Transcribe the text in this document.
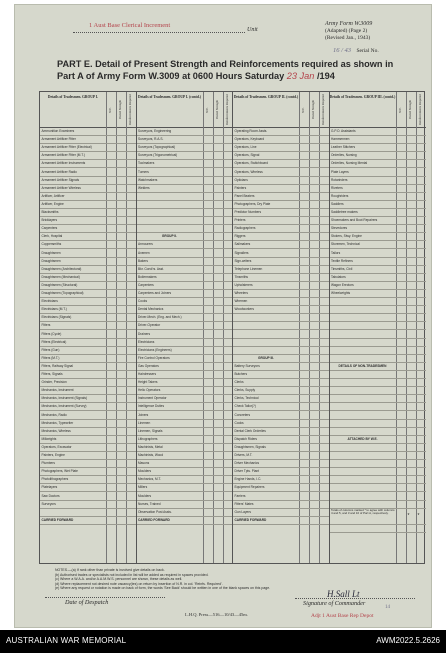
1 Aust Base Clerical Increment
Unit
Army Form W.3009
(Adapted) (Page 2)
(Revised Jan., 1943)
16 / 43 Serial No.
PART E. Detail of Present Strength and Reinforcements required as shown in
Part A of Army Form W.3009 at 0600 Hours Saturday 23 Jan /194
Details of Tradesmen. GROUP I.
W.E.	Posted Strength	Reinforcements Required
Ammunition Examiners
Armament Artificer Fitter
Armament Artificer Fitter (Electrical)
Armament Artificer Fitter (M.T.)
Armament Artificer Instruments
Armament Artificer Radio
Armament Artificer Signals
Armament Artificer Wireless
Artificer, Artificer
Artificer, Engine
Blacksmiths
Bricklayers
Carpenters
Clerk, Hospital
Coppersmiths
Draughtsmen
Draughtsmen
Draughtsmen (Architectural)
Draughtsmen (Mechanical)
Draughtsmen (Structural)
Draughtsmen (Topographical)
Electricians
Electricians (M.T.)
Electricians (Signals)
Fitters
Fitters (Cycle)
Fitters (Electrical)
Fitters (Gun)
Fitters (M.T.)
Fitters, Railway Signal
Fitters, Signals
Grinder, Precision
Mechanics, Instrument
Mechanics, Instrument (Signals)
Mechanics, Instrument (Survey)
Mechanics, Radio
Mechanics, Typewriter
Mechanics, Wireless
Millwrights
Operators, Excavator
Painters, Engine
Plumbers
Photographers, Wet Plate
Photolithographers
Platelayers
Saw Doctors
Surveyors
CARRIED FORWARD
Details of Tradesmen. GROUP I. (contd.)
W.E.	Posted Strength	Reinforcements Required
Surveyors, Engineering
Surveyors, R.A.S.
Surveyors (Topographical)
Surveyors (Trigonometrical)
Toolmakers
Turners
Watchmakers
Welders
GROUP II.
Armourers
Axemen
Bakers
Bkr. Cond'rs. Asst.
Boilermakers
Carpenters
Carpenters and Joiners
Cooks
Dental Mechanics
Driver-Mech. (Eng. and Mech.)
Driver-Operator
Drainers
Electricians
Electricians (Engineers)
Fire Control Operators
Gas Operators
Hairdressers
Height Takers
Helio Operators
Instrument Operator
Intelligence Duties
Joiners
Linemen
Linemen, Signals
Lithographers
Machinists, Metal
Machinists, Wood
Masons
Moulders
Mechanics, M.T.
Millers
Moulders
Nurses, Trained
Observation Post Assts.
CARRIED FORWARD
Details of Tradesmen. GROUP II. (contd.)
W.E.	Posted Strength	Reinforcements Required
Operating Room Assts.
Operators, Keyboard
Operators, Line
Operators, Signal
Operators, Switchboard
Operators, Wireless
Opticians
Painters
Panel Beaters
Photographers, Dry Plate
Predictor Numbers
Printers
Radiographers
Riggers
Sailmakers
Signallers
Sign-writers
Telephone Linemen
Tinsmiths
Upholsterers
Wheelers
Wiremen
Woodworkers
GROUP III.
Battery Surveyors
Butchers
Clerks
Clerks, Supply
Clerks, Technical
Check Tailor(?)
Concreters
Cooks
Dental Clerk Orderlies
Dispatch Riders
Draughtsmen, Signals
Drivers, M.T.
Driver Mechanics
Driver Tpts. Plant
Engine Hands, I.C.
Equipment Repairers
Farriers
Fitters' Mates
Gun Layers
CARRIED FORWARD
Details of Tradesmen. GROUP III. (contd.)
W.E.	Posted Strength	Reinforcements Required
G.P.O. Assistants
Hammermen
Leather Stitchers
Orderlies, Nursing
Orderlies, Nursing Mental
Plate Layers
Rotarinders
Riveters
Roughriders
Saddlers
Saddletree makers
Shoemakers and Boot Repairers
Stevedores
Stokers, Stwy. Engine
Storemen, Technical
Tailors
Textile Refiners
Tinsmiths, Civil
Tabulators
Wagon Erectors
Wheelwrights
DETAILS OF NON-TRADESMEN
ATTACHED BY W.E.
Totals of columns marked * to agree with columns 4 and 5, and 3 and 10 of Part A, respectively.	* *
NOTES.—(a) If rank other than private is involved give details on back.
(b) Authorised trades or specialists not included in list will be added as required in spaces provided.
(c) Where a W.A.A. and/or A.A.M.W.S. personnel are shown, these details as well.
(d) Where replacement not desired note vacancy(ies) on return by insertion of N.R. in col. 'Reinfs. Required'.
(e) Where any request or notation is made on back of form, the words 'See Back' should be written in one of the blank spaces on this page.
Date of Despatch
L.H.Q. Press—516—10/43—45m.
H.Sall Lt
Signature of Commander
14
Adjt 1 Aust Base Rep Depot
AUSTRALIAN WAR MEMORIAL	AWM2022.5.2626
